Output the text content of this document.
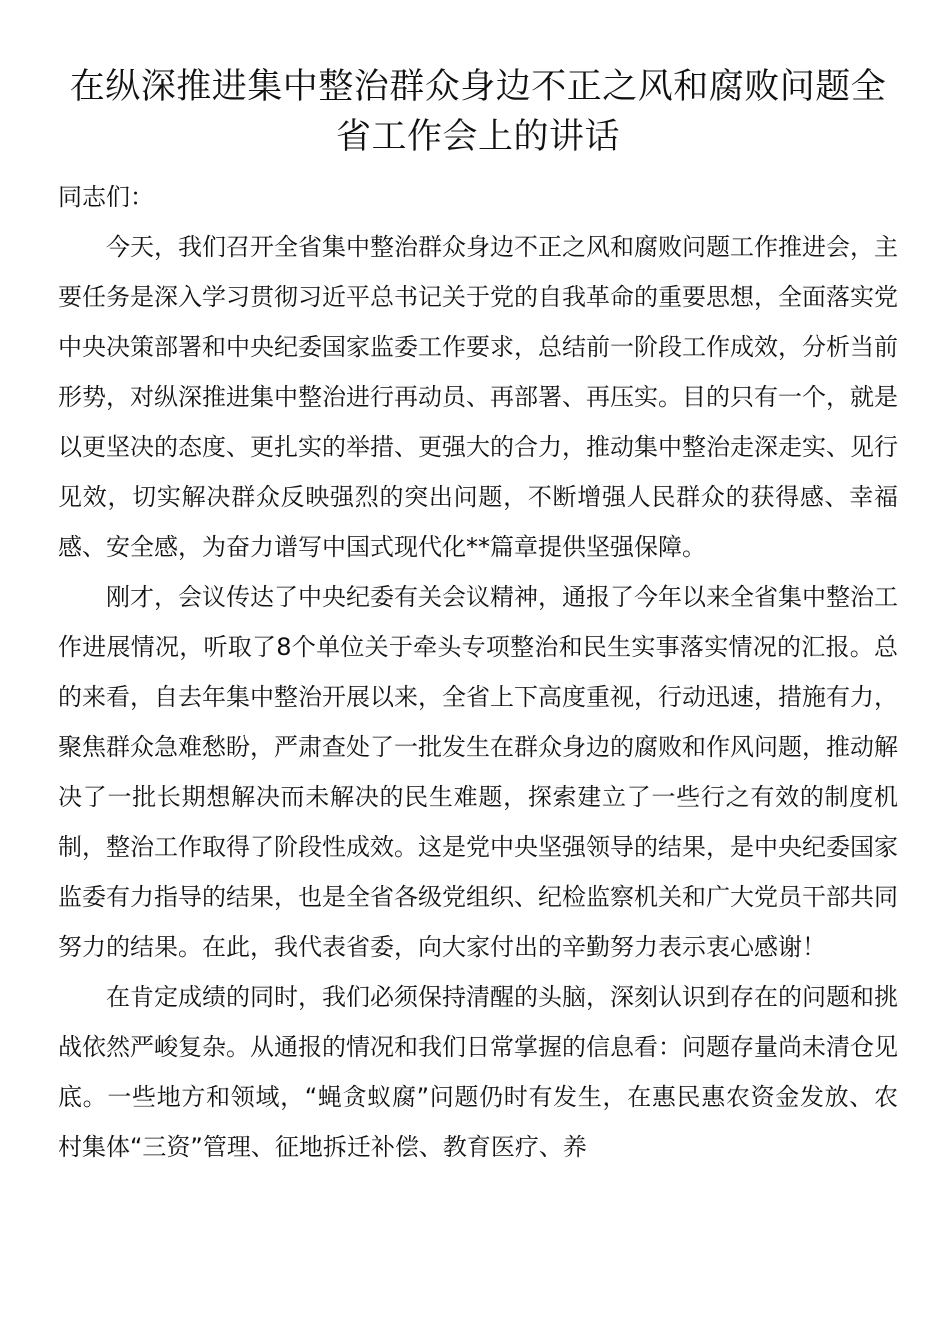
在纵深推进集中整治群众身边不正之风和腐败问题全省工作会上的讲话

同志们：

今天，我们召开全省集中整治群众身边不正之风和腐败问题工作推进会，主要任务是深入学习贯彻习近平总书记关于党的自我革命的重要思想，全面落实党中央决策部署和中央纪委国家监委工作要求，总结前一阶段工作成效，分析当前形势，对纵深推进集中整治进行再动员、再部署、再压实。目的只有一个，就是以更坚决的态度、更扎实的举措、更强大的合力，推动集中整治走深走实、见行见效，切实解决群众反映强烈的突出问题，不断增强人民群众的获得感、幸福感、安全感，为奋力谱写中国式现代化**篇章提供坚强保障。

刚才，会议传达了中央纪委有关会议精神，通报了今年以来全省集中整治工作进展情况，听取了8个单位关于牵头专项整治和民生实事落实情况的汇报。总的来看，自去年集中整治开展以来，全省上下高度重视，行动迅速，措施有力，聚焦群众急难愁盼，严肃查处了一批发生在群众身边的腐败和作风问题，推动解决了一批长期想解决而未解决的民生难题，探索建立了一些行之有效的制度机制，整治工作取得了阶段性成效。这是党中央坚强领导的结果，是中央纪委国家监委有力指导的结果，也是全省各级党组织、纪检监察机关和广大党员干部共同努力的结果。在此，我代表省委，向大家付出的辛勤努力表示衷心感谢！

在肯定成绩的同时，我们必须保持清醒的头脑，深刻认识到存在的问题和挑战依然严峻复杂。从通报的情况和我们日常掌握的信息看：问题存量尚未清仓见底。一些地方和领域，“蝇贪蚁腐”问题仍时有发生，在惠民惠农资金发放、农村集体“三资”管理、征地拆迁补偿、教育医疗、养
